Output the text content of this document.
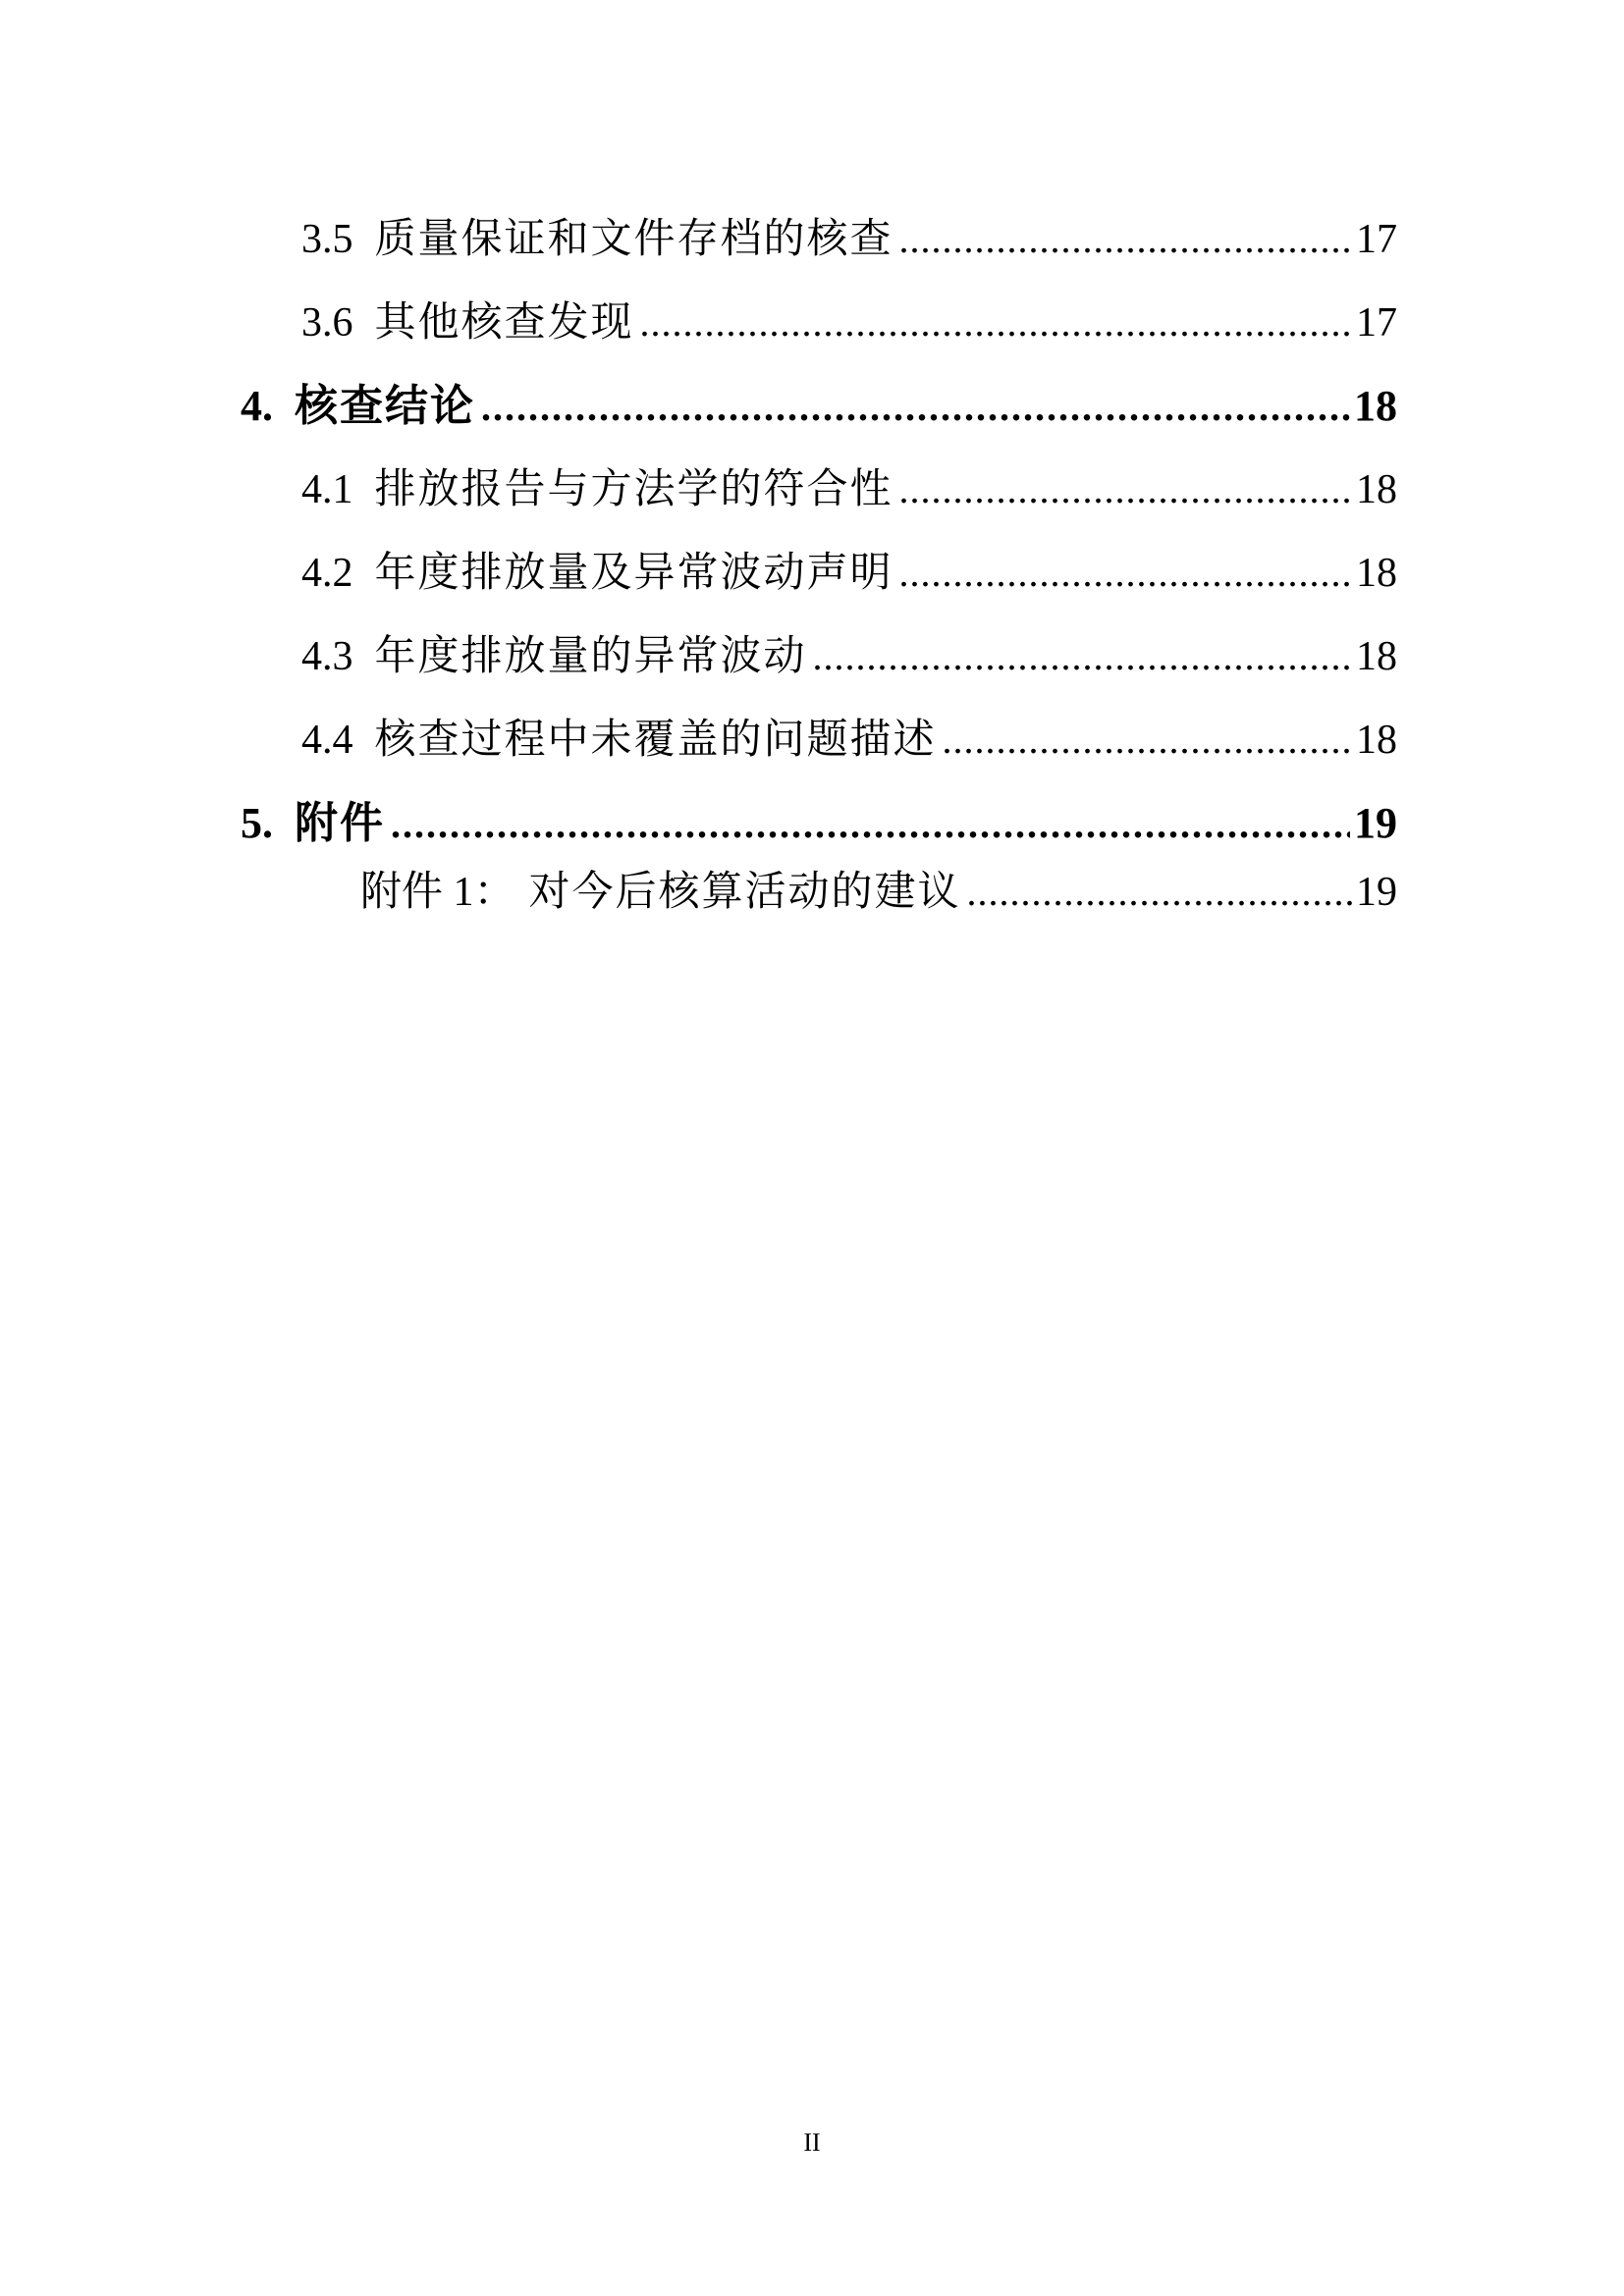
3.5 质量保证和文件存档的核查 .....	17
3.6 其他核查发现 .....	17
4. 核查结论 .....	18
4.1 排放报告与方法学的符合性 .....	18
4.2 年度排放量及异常波动声明 .....	18
4.3 年度排放量的异常波动 .....	18
4.4 核查过程中未覆盖的问题描述 .....	18
5. 附件 .....	19
附件 1： 对今后核算活动的建议 .....	19
II
